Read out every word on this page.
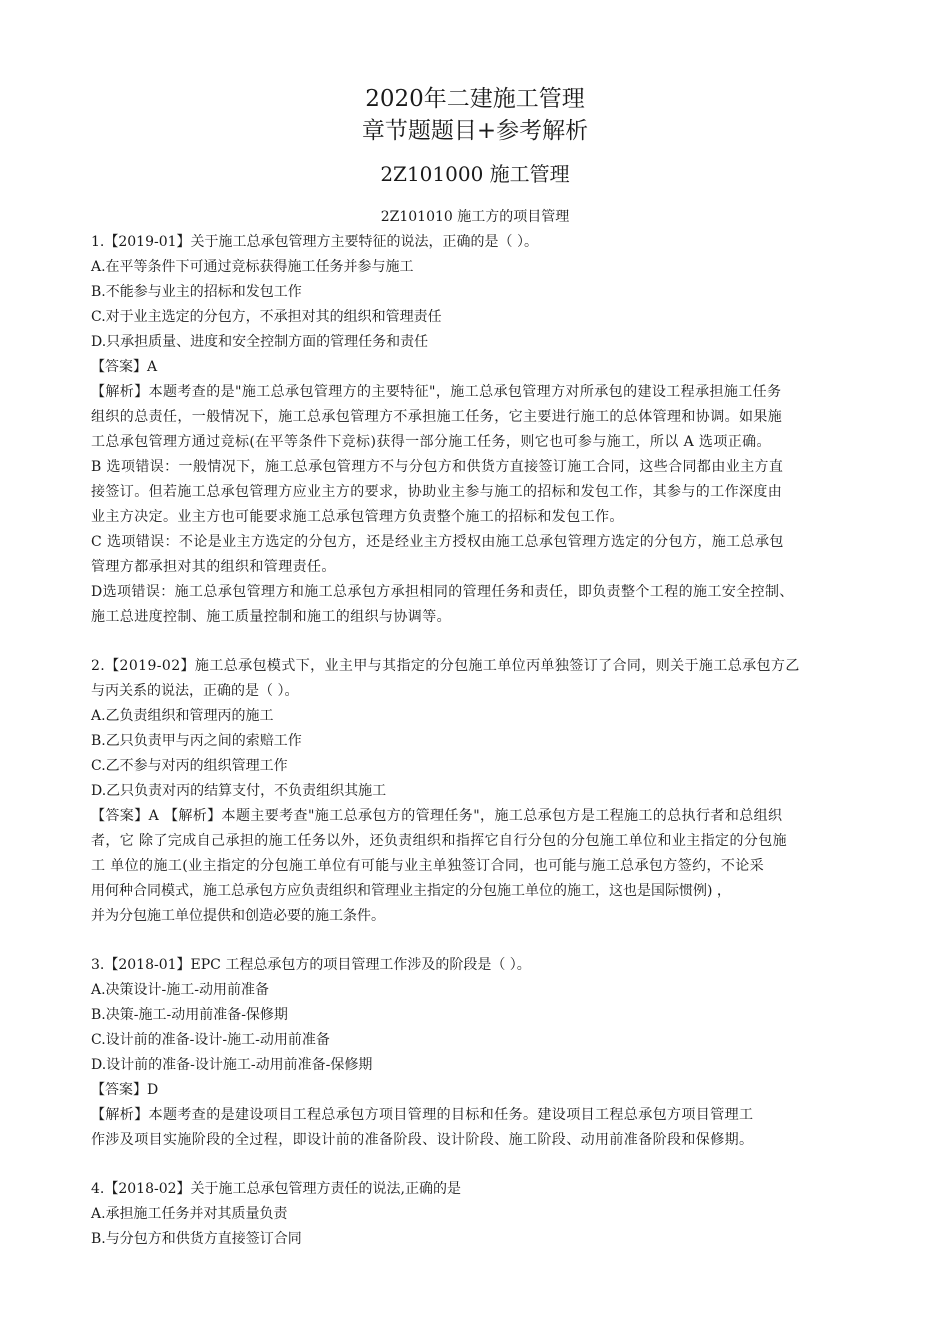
2020年二建施工管理

章节题题目+参考解析

2Z101000 施工管理

2Z101010 施工方的项目管理

1.【2019-01】关于施工总承包管理方主要特征的说法，正确的是（ ）。

A.在平等条件下可通过竞标获得施工任务并参与施工

B.不能参与业主的招标和发包工作

C.对于业主选定的分包方，不承担对其的组织和管理责任

D.只承担质量、进度和安全控制方面的管理任务和责任

【答案】A

【解析】本题考查的是"施工总承包管理方的主要特征"，施工总承包管理方对所承包的建设工程承担施工任务

组织的总责任，一般情况下，施工总承包管理方不承担施工任务，它主要进行施工的总体管理和协调。如果施

工总承包管理方通过竞标(在平等条件下竞标)获得一部分施工任务，则它也可参与施工，所以 A 选项正确。

B 选项错误：一般情况下，施工总承包管理方不与分包方和供货方直接签订施工合同，这些合同都由业主方直

接签订。但若施工总承包管理方应业主方的要求，协助业主参与施工的招标和发包工作，其参与的工作深度由

业主方决定。业主方也可能要求施工总承包管理方负责整个施工的招标和发包工作。

C 选项错误：不论是业主方选定的分包方，还是经业主方授权由施工总承包管理方选定的分包方，施工总承包

管理方都承担对其的组织和管理责任。

D选项错误：施工总承包管理方和施工总承包方承担相同的管理任务和责任，即负责整个工程的施工安全控制、

施工总进度控制、施工质量控制和施工的组织与协调等。

2.【2019-02】施工总承包模式下，业主甲与其指定的分包施工单位丙单独签订了合同，则关于施工总承包方乙

与丙关系的说法，正确的是（ ）。

A.乙负责组织和管理丙的施工

B.乙只负责甲与丙之间的索赔工作

C.乙不参与对丙的组织管理工作

D.乙只负责对丙的结算支付，不负责组织其施工

【答案】A 【解析】本题主要考查"施工总承包方的管理任务"，施工总承包方是工程施工的总执行者和总组织

者，它 除了完成自己承担的施工任务以外，还负责组织和指挥它自行分包的分包施工单位和业主指定的分包施

工 单位的施工(业主指定的分包施工单位有可能与业主单独签订合同，也可能与施工总承包方签约，不论采

用何种合同模式，施工总承包方应负责组织和管理业主指定的分包施工单位的施工，这也是国际惯例) ，

并为分包施工单位提供和创造必要的施工条件。

3.【2018-01】EPC 工程总承包方的项目管理工作涉及的阶段是（ ）。

A.决策设计-施工-动用前准备

B.决策-施工-动用前准备-保修期

C.设计前的准备-设计-施工-动用前准备

D.设计前的准备-设计施工-动用前准备-保修期

【答案】D

【解析】本题考查的是建设项目工程总承包方项目管理的目标和任务。建设项目工程总承包方项目管理工

作涉及项目实施阶段的全过程，即设计前的准备阶段、设计阶段、施工阶段、动用前准备阶段和保修期。

4.【2018-02】关于施工总承包管理方责任的说法,正确的是

A.承担施工任务并对其质量负责

B.与分包方和供货方直接签订合同
